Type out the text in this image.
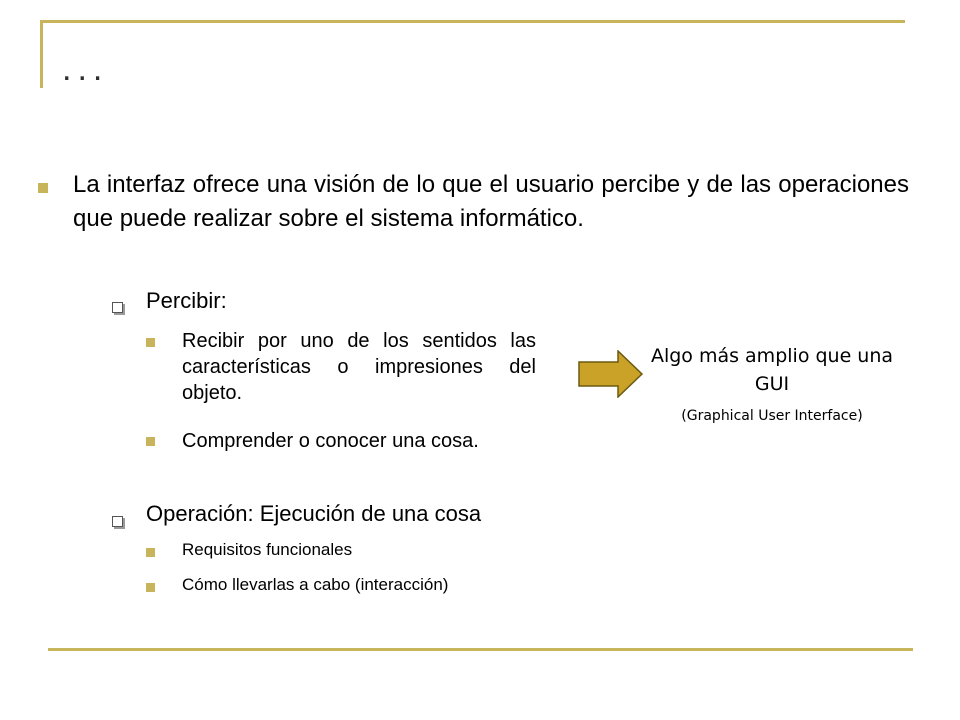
...
La interfaz ofrece una visión de lo que el usuario percibe y de las operaciones que puede realizar sobre el sistema informático.
Percibir:
Recibir por uno de los sentidos las características o impresiones del objeto.
Comprender o conocer una cosa.
Operación: Ejecución de una cosa
Requisitos funcionales
Cómo llevarlas a cabo (interacción)
Algo más amplio que una GUI
(Graphical User Interface)
